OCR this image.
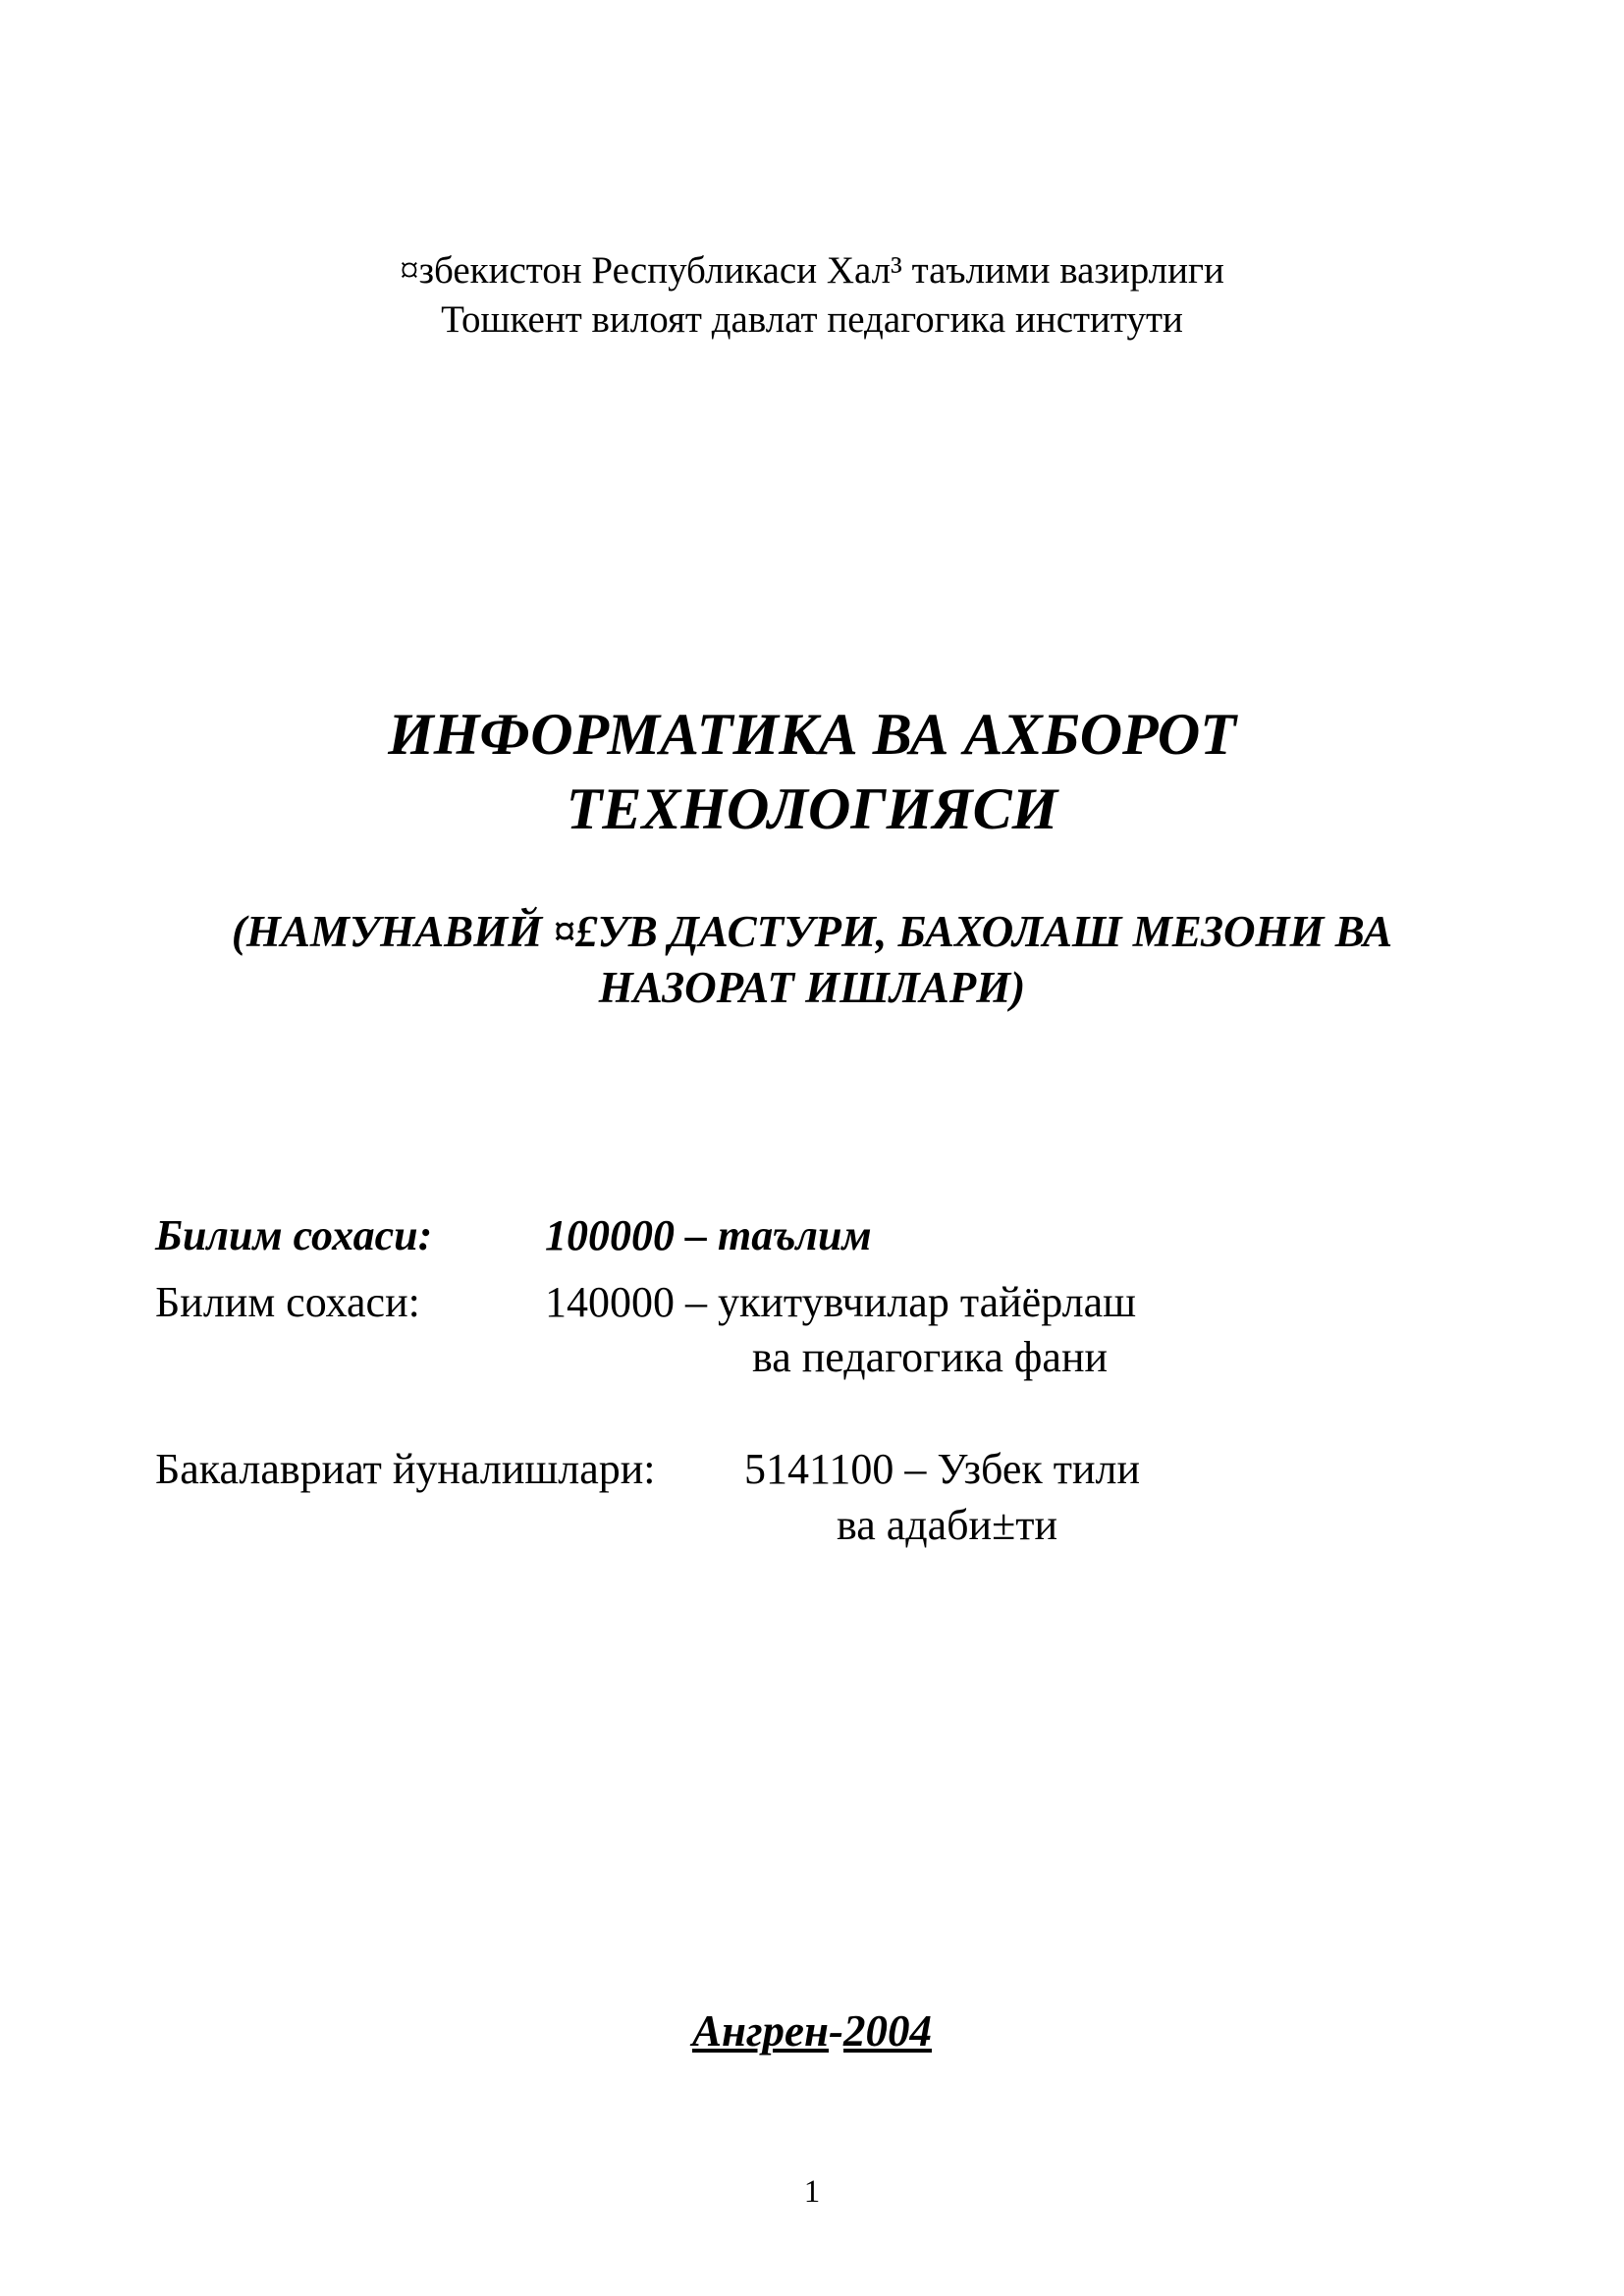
¤збекистон Республикаси Хал³ таълими вазирлиги
Тошкент вилоят давлат педагогика институти
ИНФОРМАТИКА ВА АХБОРОТ
ТЕХНОЛОГИЯСИ
(НАМУНАВИЙ ¤£УВ ДАСТУРИ, БАХОЛАШ МЕЗОНИ ВА
НАЗОРАТ ИШЛАРИ)
Билим сохаси:	100000 – таълим
Билим сохаси:	140000 – укитувчилар тайёрлаш
ва педагогика фани
Бакалавриат йуналишлари: 5141100 – Узбек тили
ва адаби±ти
Ангрен-2004
1
